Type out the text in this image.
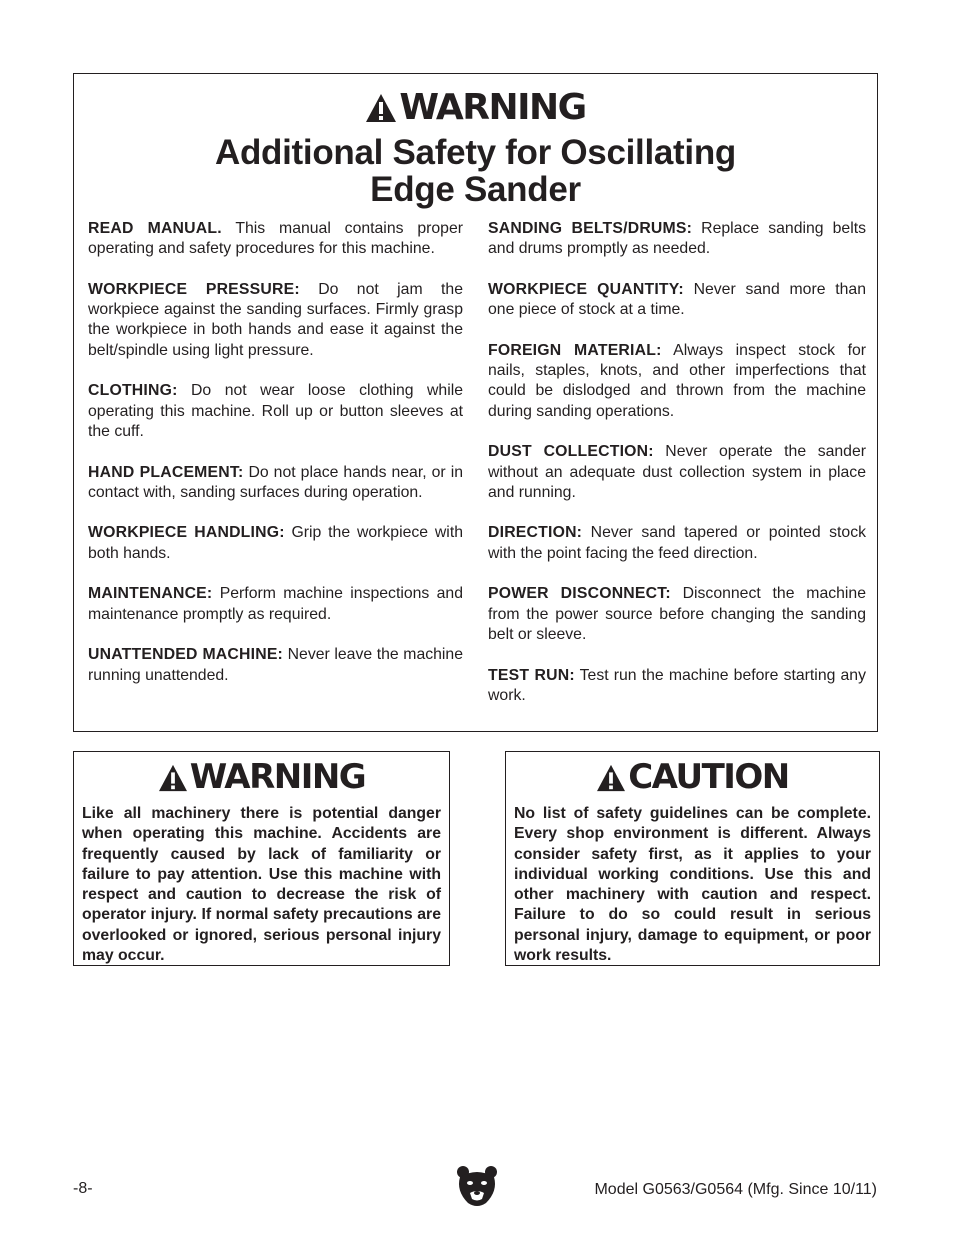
WARNING
Additional Safety for Oscillating
Edge Sander

READ MANUAL. This manual contains proper operating and safety procedures for this machine.

WORKPIECE PRESSURE: Do not jam the workpiece against the sanding surfaces. Firmly grasp the workpiece in both hands and ease it against the belt/spindle using light pressure.

CLOTHING: Do not wear loose clothing while operating this machine. Roll up or button sleeves at the cuff.

HAND PLACEMENT: Do not place hands near, or in contact with, sanding surfaces during operation.

WORKPIECE HANDLING: Grip the workpiece with both hands.

MAINTENANCE: Perform machine inspections and maintenance promptly as required.

UNATTENDED MACHINE: Never leave the machine running unattended.

SANDING BELTS/DRUMS: Replace sanding belts and drums promptly as needed.

WORKPIECE QUANTITY: Never sand more than one piece of stock at a time.

FOREIGN MATERIAL: Always inspect stock for nails, staples, knots, and other imperfections that could be dislodged and thrown from the machine during sanding operations.

DUST COLLECTION: Never operate the sander without an adequate dust collection system in place and running.

DIRECTION: Never sand tapered or pointed stock with the point facing the feed direction.

POWER DISCONNECT: Disconnect the machine from the power source before changing the sanding belt or sleeve.

TEST RUN: Test run the machine before starting any work.

WARNING
Like all machinery there is potential danger when operating this machine. Accidents are frequently caused by lack of familiarity or failure to pay attention. Use this machine with respect and caution to decrease the risk of operator injury. If normal safety precautions are overlooked or ignored, serious personal injury may occur.
CAUTION
No list of safety guidelines can be complete. Every shop environment is different. Always consider safety first, as it applies to your individual working conditions. Use this and other machinery with caution and respect. Failure to do so could result in serious personal injury, damage to equipment, or poor work results.
-8-	Model G0563/G0564 (Mfg. Since 10/11)
